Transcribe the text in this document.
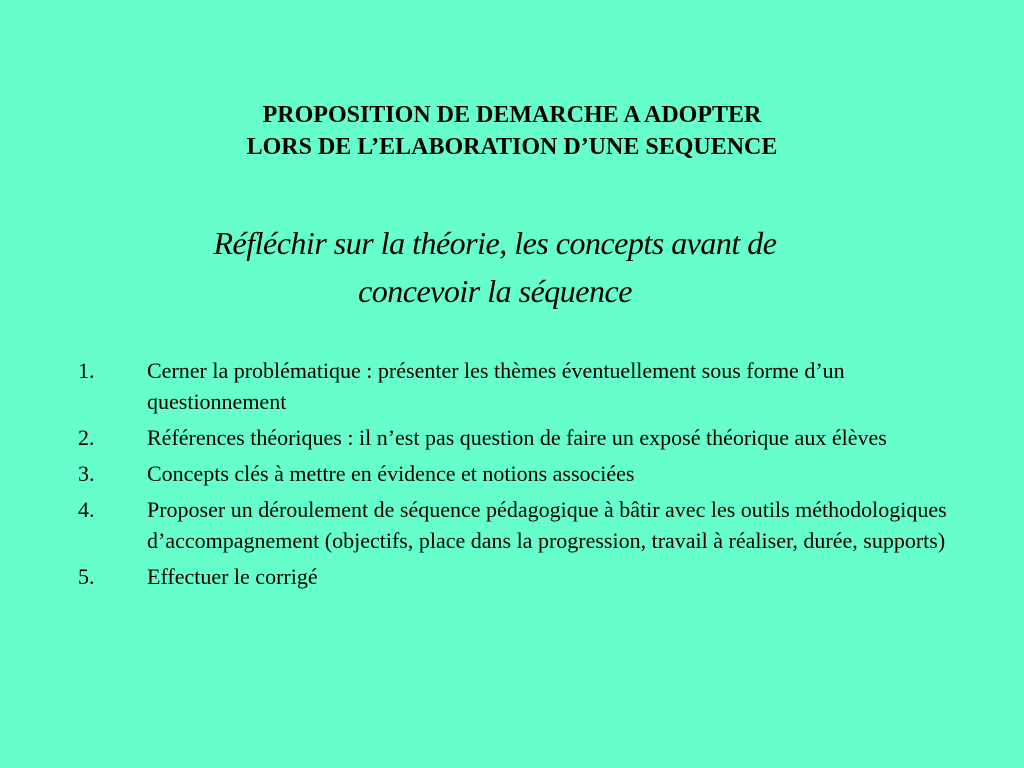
PROPOSITION DE DEMARCHE A ADOPTER
LORS DE L’ELABORATION D’UNE SEQUENCE
Réfléchir sur la théorie, les concepts avant de
concevoir la séquence
1. Cerner la problématique : présenter les thèmes éventuellement sous forme d’un questionnement
2. Références théoriques : il n’est pas question de faire un exposé théorique aux élèves
3. Concepts clés à mettre en évidence et notions associées
4. Proposer un déroulement de séquence pédagogique à bâtir avec les outils méthodologiques d’accompagnement (objectifs, place dans la progression, travail à réaliser, durée, supports)
5. Effectuer le corrigé
